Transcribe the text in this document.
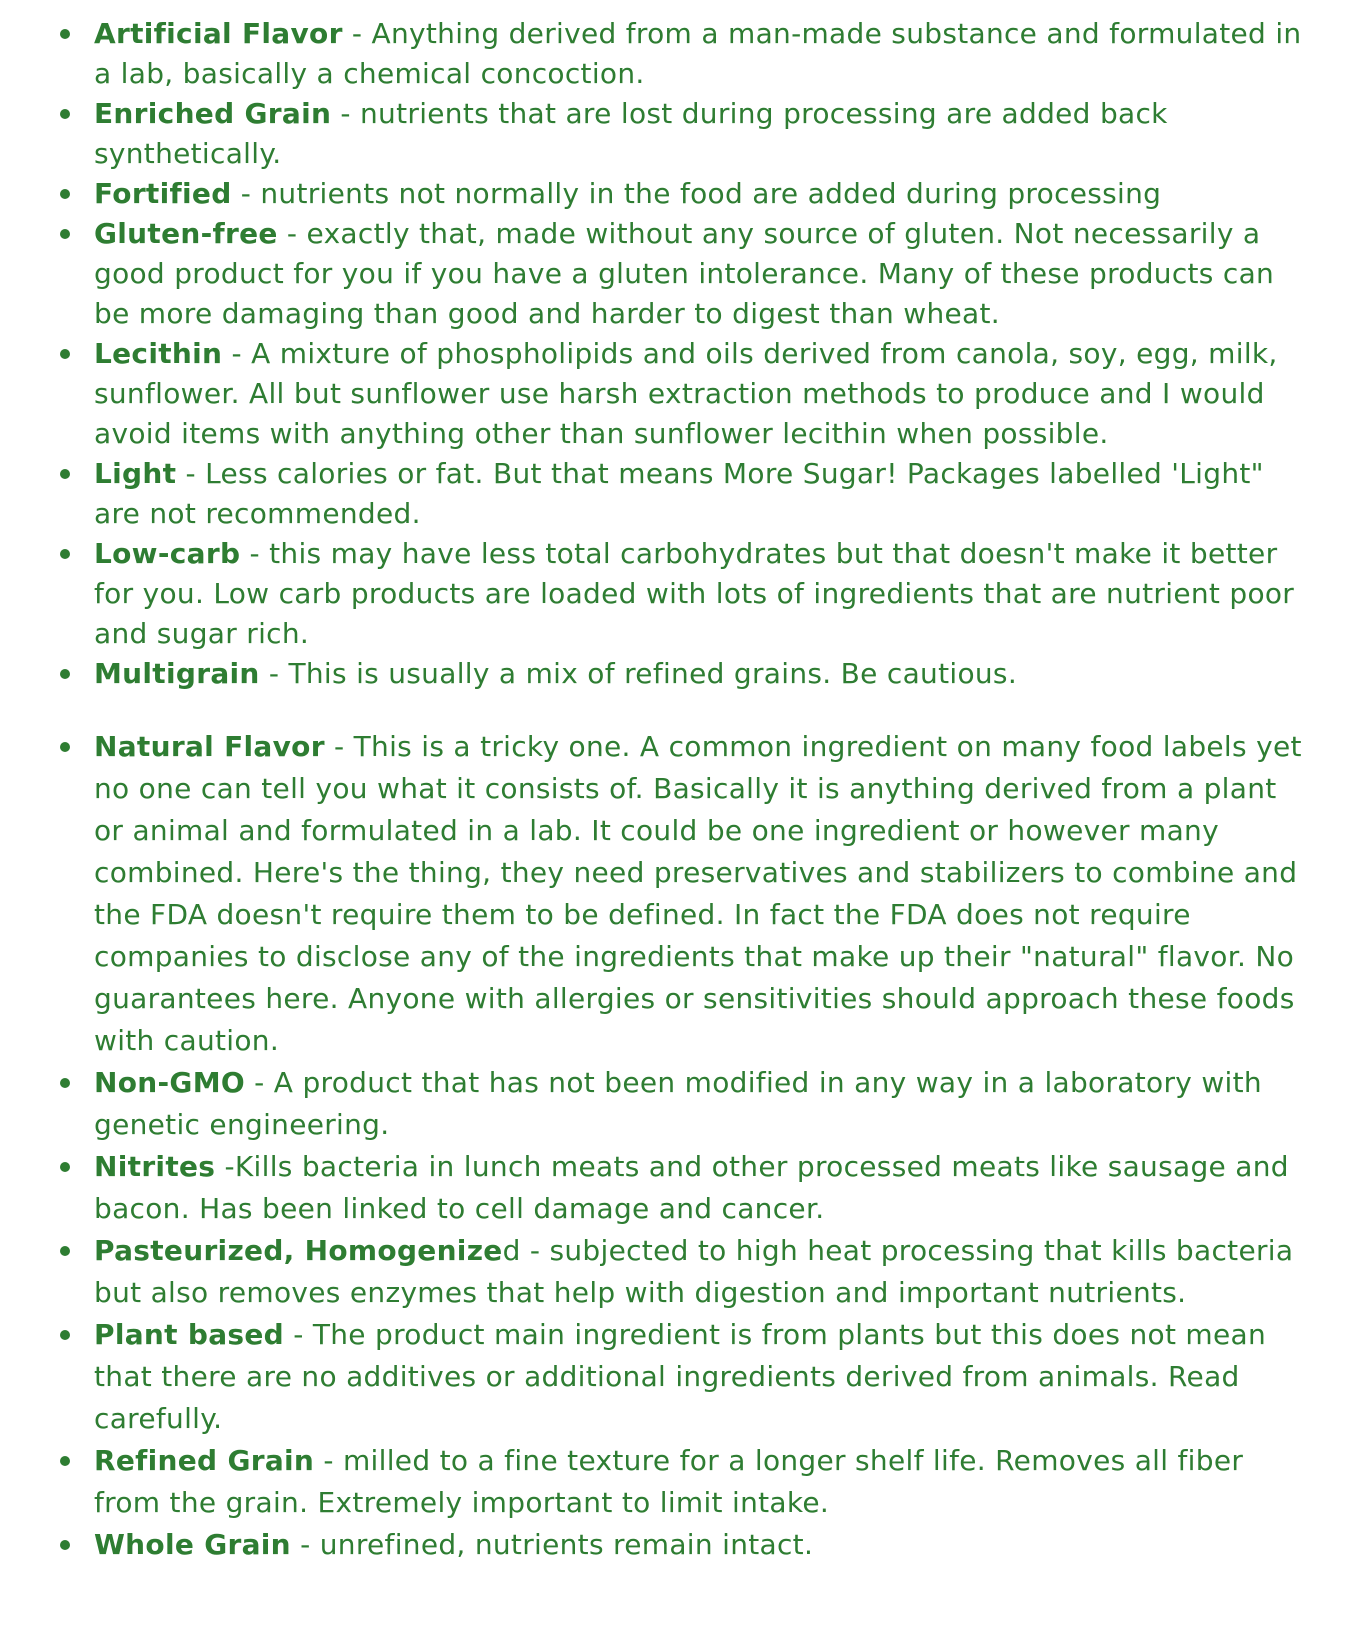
Artificial Flavor - Anything derived from a man-made substance and formulated in a lab, basically a chemical concoction.
Enriched Grain - nutrients that are lost during processing are added back synthetically.
Fortified - nutrients not normally in the food are added during processing
Gluten-free - exactly that, made without any source of gluten. Not necessarily a good product for you if you have a gluten intolerance. Many of these products can be more damaging than good and harder to digest than wheat.
Lecithin - A mixture of phospholipids and oils derived from canola, soy, egg, milk, sunflower. All but sunflower use harsh extraction methods to produce and I would avoid items with anything other than sunflower lecithin when possible.
Light - Less calories or fat. But that means More Sugar! Packages labelled 'Light" are not recommended.
Low-carb - this may have less total carbohydrates but that doesn't make it better for you. Low carb products are loaded with lots of ingredients that are nutrient poor and sugar rich.
Multigrain - This is usually a mix of refined grains. Be cautious.
Natural Flavor - This is a tricky one. A common ingredient on many food labels yet no one can tell you what it consists of. Basically it is anything derived from a plant or animal and formulated in a lab. It could be one ingredient or however many combined. Here's the thing, they need preservatives and stabilizers to combine and the FDA doesn't require them to be defined. In fact the FDA does not require companies to disclose any of the ingredients that make up their "natural" flavor. No guarantees here. Anyone with allergies or sensitivities should approach these foods with caution.
Non-GMO - A product that has not been modified in any way in a laboratory with genetic engineering.
Nitrites -Kills bacteria in lunch meats and other processed meats like sausage and bacon. Has been linked to cell damage and cancer.
Pasteurized, Homogenized - subjected to high heat processing that kills bacteria but also removes enzymes that help with digestion and important nutrients.
Plant based - The product main ingredient is from plants but this does not mean that there are no additives or additional ingredients derived from animals. Read carefully.
Refined Grain - milled to a fine texture for a longer shelf life. Removes all fiber from the grain. Extremely important to limit intake.
Whole Grain - unrefined, nutrients remain intact.
